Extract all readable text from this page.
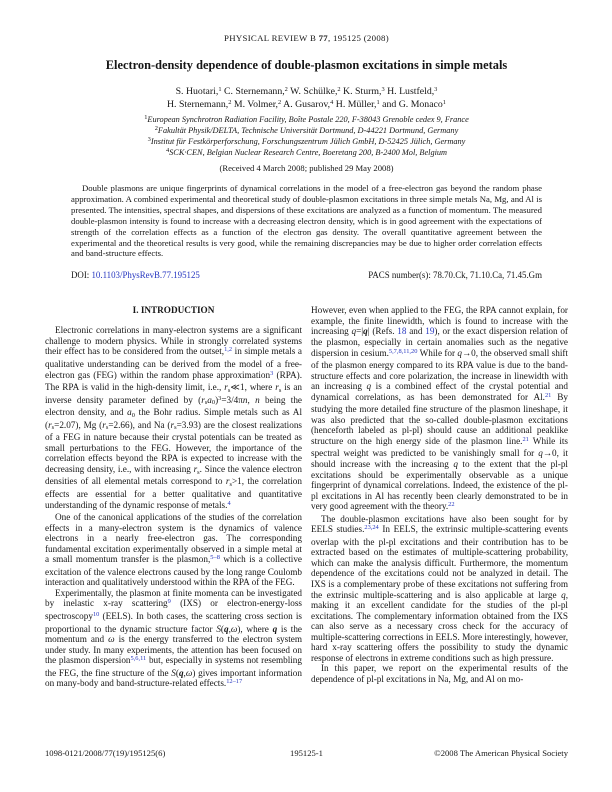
PHYSICAL REVIEW B 77, 195125 (2008)
Electron-density dependence of double-plasmon excitations in simple metals
S. Huotari,$^1$ C. Sternemann,$^2$ W. Schülke,$^2$ K. Sturm,$^3$ H. Lustfeld,$^3$
H. Sternemann,$^2$ M. Volmer,$^2$ A. Gusarov,$^4$ H. Müller,$^1$ and G. Monaco$^1$
$^1$European Synchrotron Radiation Facility, Boîte Postale 220, F-38043 Grenoble cedex 9, France
$^2$Fakultät Physik/DELTA, Technische Universität Dortmund, D-44221 Dortmund, Germany
$^3$Institut für Festkörperforschung, Forschungszentrum Jülich GmbH, D-52425 Jülich, Germany
$^4$SCK·CEN, Belgian Nuclear Research Centre, Boeretang 200, B-2400 Mol, Belgium
(Received 4 March 2008; published 29 May 2008)
Double plasmons are unique fingerprints of dynamical correlations in the model of a free-electron gas beyond the random phase approximation. A combined experimental and theoretical study of double-plasmon excitations in three simple metals Na, Mg, and Al is presented. The intensities, spectral shapes, and dispersions of these excitations are analyzed as a function of momentum. The measured double-plasmon intensity is found to increase with a decreasing electron density, which is in good agreement with the expectations of strength of the correlation effects as a function of the electron gas density. The overall quantitative agreement between the experimental and the theoretical results is very good, while the remaining discrepancies may be due to higher order correlation effects and band-structure effects.
DOI: 10.1103/PhysRevB.77.195125	PACS number(s): 78.70.Ck, 71.10.Ca, 71.45.Gm
I. INTRODUCTION

Electronic correlations in many-electron systems are a significant challenge to modern physics. While in strongly correlated systems their effect has to be considered from the outset,$^{1,2}$ in simple metals a qualitative understanding can be derived from the model of a free-electron gas (FEG) within the random phase approximation$^3$ (RPA). The RPA is valid in the high-density limit, i.e., rs≪1, where rs is an inverse density parameter defined by $(rsa0)^3=3/4\pi n$, n being the electron density, and a0 the Bohr radius. Simple metals such as Al (rs=2.07), Mg (rs=2.66), and Na (rs=3.93) are the closest realizations of a FEG in nature because their crystal potentials can be treated as small perturbations to the FEG. However, the importance of the correlation effects beyond the RPA is expected to increase with the decreasing density, i.e., with increasing rs. Since the valence electron densities of all elemental metals correspond to rs>1, the correlation effects are essential for a better qualitative and quantitative understanding of the dynamic response of metals.$^4$

One of the canonical applications of the studies of the correlation effects in a many-electron system is the dynamics of valence electrons in a nearly free-electron gas. The corresponding fundamental excitation experimentally observed in a simple metal at a small momentum transfer is the plasmon,$^{5-8}$ which is a collective excitation of the valence electrons caused by the long range Coulomb interaction and qualitatively understood within the RPA of the FEG.

Experimentally, the plasmon at finite momenta can be investigated by inelastic x-ray scattering$^9$ (IXS) or electron-energy-loss spectroscopy$^{10}$ (EELS). In both cases, the scattering cross section is proportional to the dynamic structure factor S(q,ω), where q is the momentum and ω is the energy transferred to the electron system under study. In many experiments, the attention has been focused on the plasmon dispersion$^{5,6,11}$ but, especially in systems not resembling the FEG, the fine structure of the S(q,ω) gives important information on many-body and band-structure-related effects.$^{12-17}$

However, even when applied to the FEG, the RPA cannot explain, for example, the finite linewidth, which is found to increase with the increasing q=|q| (Refs. 18 and 19), or the exact dispersion relation of the plasmon, especially in certain anomalies such as the negative dispersion in cesium.$^{5,7,8,11,20}$ While for q→0, the observed small shift of the plasmon energy compared to its RPA value is due to the band-structure effects and core polarization, the increase in linewidth with an increasing q is a combined effect of the crystal potential and dynamical correlations, as has been demonstrated for Al.$^{21}$ By studying the more detailed fine structure of the plasmon lineshape, it was also predicted that the so-called double-plasmon excitations (henceforth labeled as pl-pl) should cause an additional peaklike structure on the high energy side of the plasmon line.$^{21}$ While its spectral weight was predicted to be vanishingly small for q→0, it should increase with the increasing q to the extent that the pl-pl excitations should be experimentally observable as a unique fingerprint of dynamical correlations. Indeed, the existence of the pl-pl excitations in Al has recently been clearly demonstrated to be in very good agreement with the theory.$^{22}$

The double-plasmon excitations have also been sought for by EELS studies.$^{23,24}$ In EELS, the extrinsic multiple-scattering events overlap with the pl-pl excitations and their contribution has to be extracted based on the estimates of multiple-scattering probability, which can make the analysis difficult. Furthermore, the momentum dependence of the excitations could not be analyzed in detail. The IXS is a complementary probe of these excitations not suffering from the extrinsic multiple-scattering and is also applicable at large q, making it an excellent candidate for the studies of the pl-pl excitations. The complementary information obtained from the IXS can also serve as a necessary cross check for the accuracy of multiple-scattering corrections in EELS. More interestingly, however, hard x-ray scattering offers the possibility to study the dynamic response of electrons in extreme conditions such as high pressure.

In this paper, we report on the experimental results of the dependence of pl-pl excitations in Na, Mg, and Al on mo-

1098-0121/2008/77(19)/195125(6)	195125-1	©2008 The American Physical Society
